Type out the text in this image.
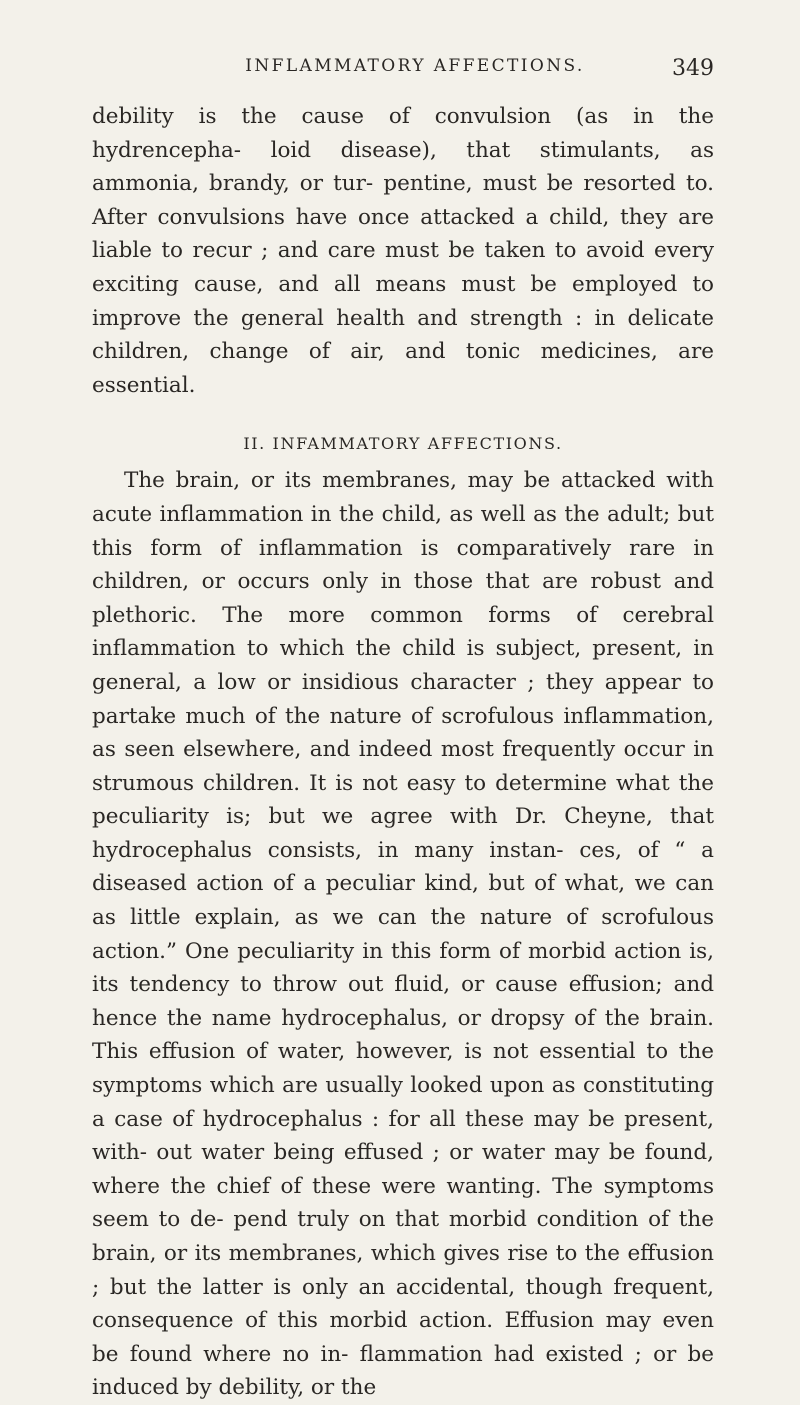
INFLAMMATORY AFFECTIONS.	349

debility is the cause of convulsion (as in the hydrencepha- loid disease), that stimulants, as ammonia, brandy, or tur- pentine, must be resorted to. After convulsions have once attacked a child, they are liable to recur ; and care must be taken to avoid every exciting cause, and all means must be employed to improve the general health and strength : in delicate children, change of air, and tonic medicines, are essential.

II. INFAMMATORY AFFECTIONS.

The brain, or its membranes, may be attacked with acute inflammation in the child, as well as the adult; but this form of inflammation is comparatively rare in children, or occurs only in those that are robust and plethoric. The more common forms of cerebral inflammation to which the child is subject, present, in general, a low or insidious character ; they appear to partake much of the nature of scrofulous inflammation, as seen elsewhere, and indeed most frequently occur in strumous children. It is not easy to determine what the peculiarity is; but we agree with Dr. Cheyne, that hydrocephalus consists, in many instan- ces, of “ a diseased action of a peculiar kind, but of what, we can as little explain, as we can the nature of scrofulous action.” One peculiarity in this form of morbid action is, its tendency to throw out fluid, or cause effusion; and hence the name hydrocephalus, or dropsy of the brain. This effusion of water, however, is not essential to the symptoms which are usually looked upon as constituting a case of hydrocephalus : for all these may be present, with- out water being effused ; or water may be found, where the chief of these were wanting. The symptoms seem to de- pend truly on that morbid condition of the brain, or its membranes, which gives rise to the effusion ; but the latter is only an accidental, though frequent, consequence of this morbid action. Effusion may even be found where no in- flammation had existed ; or be induced by debility, or the
